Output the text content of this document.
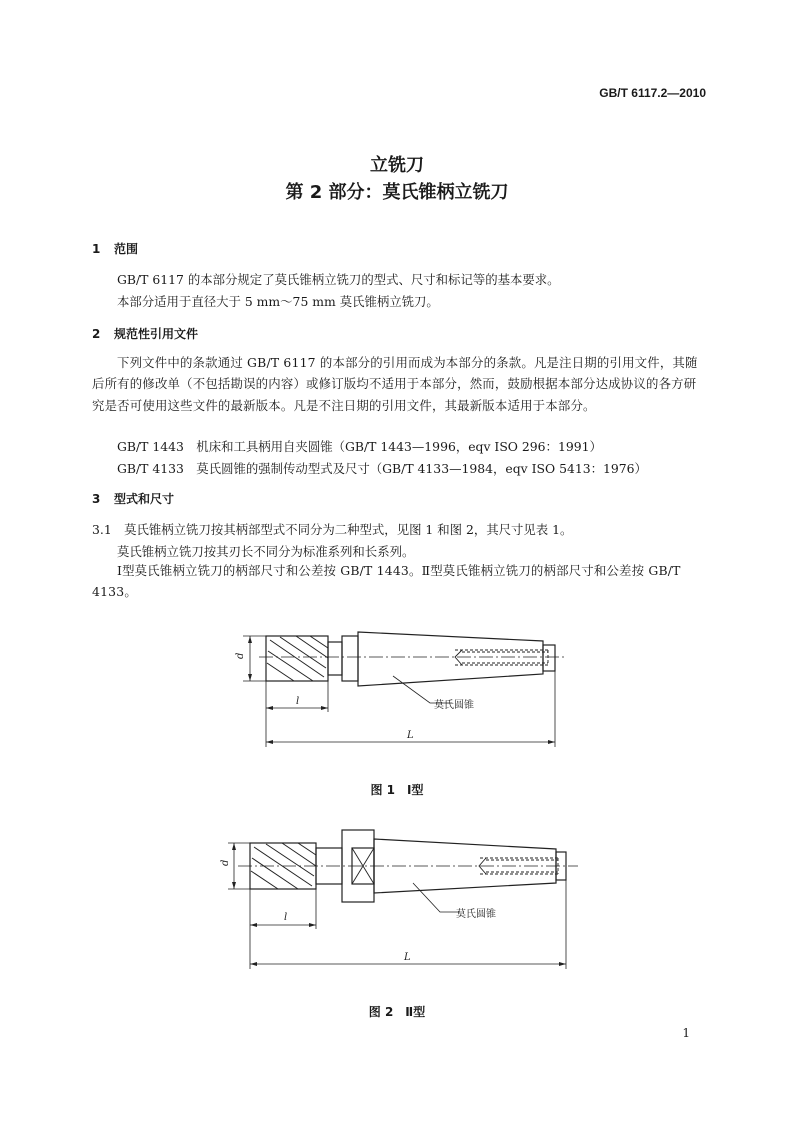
GB/T 6117.2—2010
立铣刀
第 2 部分：莫氏锥柄立铣刀
1 范围
GB/T 6117 的本部分规定了莫氏锥柄立铣刀的型式、尺寸和标记等的基本要求。
本部分适用于直径大于 5 mm～75 mm 莫氏锥柄立铣刀。
2 规范性引用文件
下列文件中的条款通过 GB/T 6117 的本部分的引用而成为本部分的条款。凡是注日期的引用文件，其随后所有的修改单（不包括勘误的内容）或修订版均不适用于本部分，然而，鼓励根据本部分达成协议的各方研究是否可使用这些文件的最新版本。凡是不注日期的引用文件，其最新版本适用于本部分。
GB/T 1443　机床和工具柄用自夹圆锥（GB/T 1443—1996，eqv ISO 296：1991）
GB/T 4133　莫氏圆锥的强制传动型式及尺寸（GB/T 4133—1984，eqv ISO 5413：1976）
3 型式和尺寸
3.1　莫氏锥柄立铣刀按其柄部型式不同分为二种型式，见图 1 和图 2，其尺寸见表 1。
莫氏锥柄立铣刀按其刃长不同分为标准系列和长系列。
Ⅰ型莫氏锥柄立铣刀的柄部尺寸和公差按 GB/T 1443。Ⅱ型莫氏锥柄立铣刀的柄部尺寸和公差按 GB/T 4133。
d
l
L
莫氏圆锥
d
l
L
莫氏圆锥
图 1　Ⅰ型
图 2　Ⅱ型
1
